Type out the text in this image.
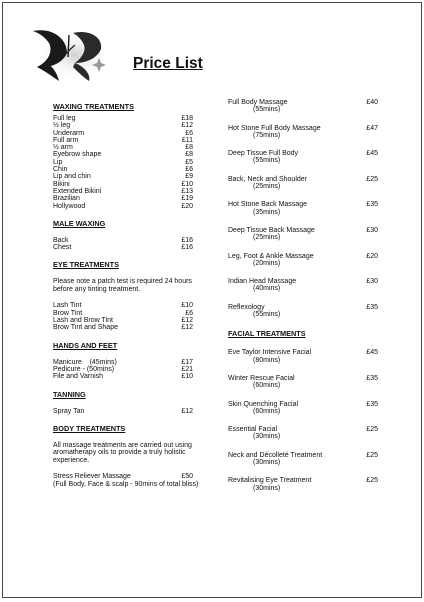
Price List
WAXING TREATMENTS
Full leg	£18
½ leg	£12
Underarm	£6
Full arm	£11
½ arm	£8
Eyebrow shape	£8
Lip	£5
Chin	£6
Lip and chin	£9
Bikini	£10
Extended Bikini	£13
Brazilian	£19
Hollywood	£20
MALE WAXING
Back	£16
Chest	£16
EYE TREATMENTS
Please note a patch test is required 24 hours before any tinting treatment.
Lash Tint	£10
Brow Tint	£6
Lash and Brow Tint	£12
Brow Tint and Shape	£12
HANDS AND FEET
Manicure    (45mins)	£17
Pedicure - (50mins)	£21
File and Varnish	£10
TANNING
Spray Tan	£12
BODY TREATMENTS
All massage treatments are carried out using aromatherapy oils to provide a truly holistic experience.
Stress Reliever Massage	£50
(Full Body, Face & scalp - 90mins of total bliss)
Full Body Massage	£40
(55mins)
Hot Stone Full Body Massage	£47
(75mins)
Deep Tissue Full Body	£45
(55mins)
Back, Neck and Shoulder	£25
(25mins)
Hot Stone Back Massage	£35
(35mins)
Deep Tissue Back Massage	£30
(25mins)
Leg, Foot & Ankle Massage	£20
(20mins)
Indian Head Massage	£30
(40mins)
Reflexology	£35
(55mins)
FACIAL TREATMENTS
Eve Taylor Intensive Facial	£45
(80mins)
Winter Rescue Facial	£35
(60mins)
Skin Quenching Facial	£35
(60mins)
Essential Facial	£25
(30mins)
Neck and Décolleté Treatment	£25
(30mins)
Revitalising Eye Treatment	£25
(30mins)
